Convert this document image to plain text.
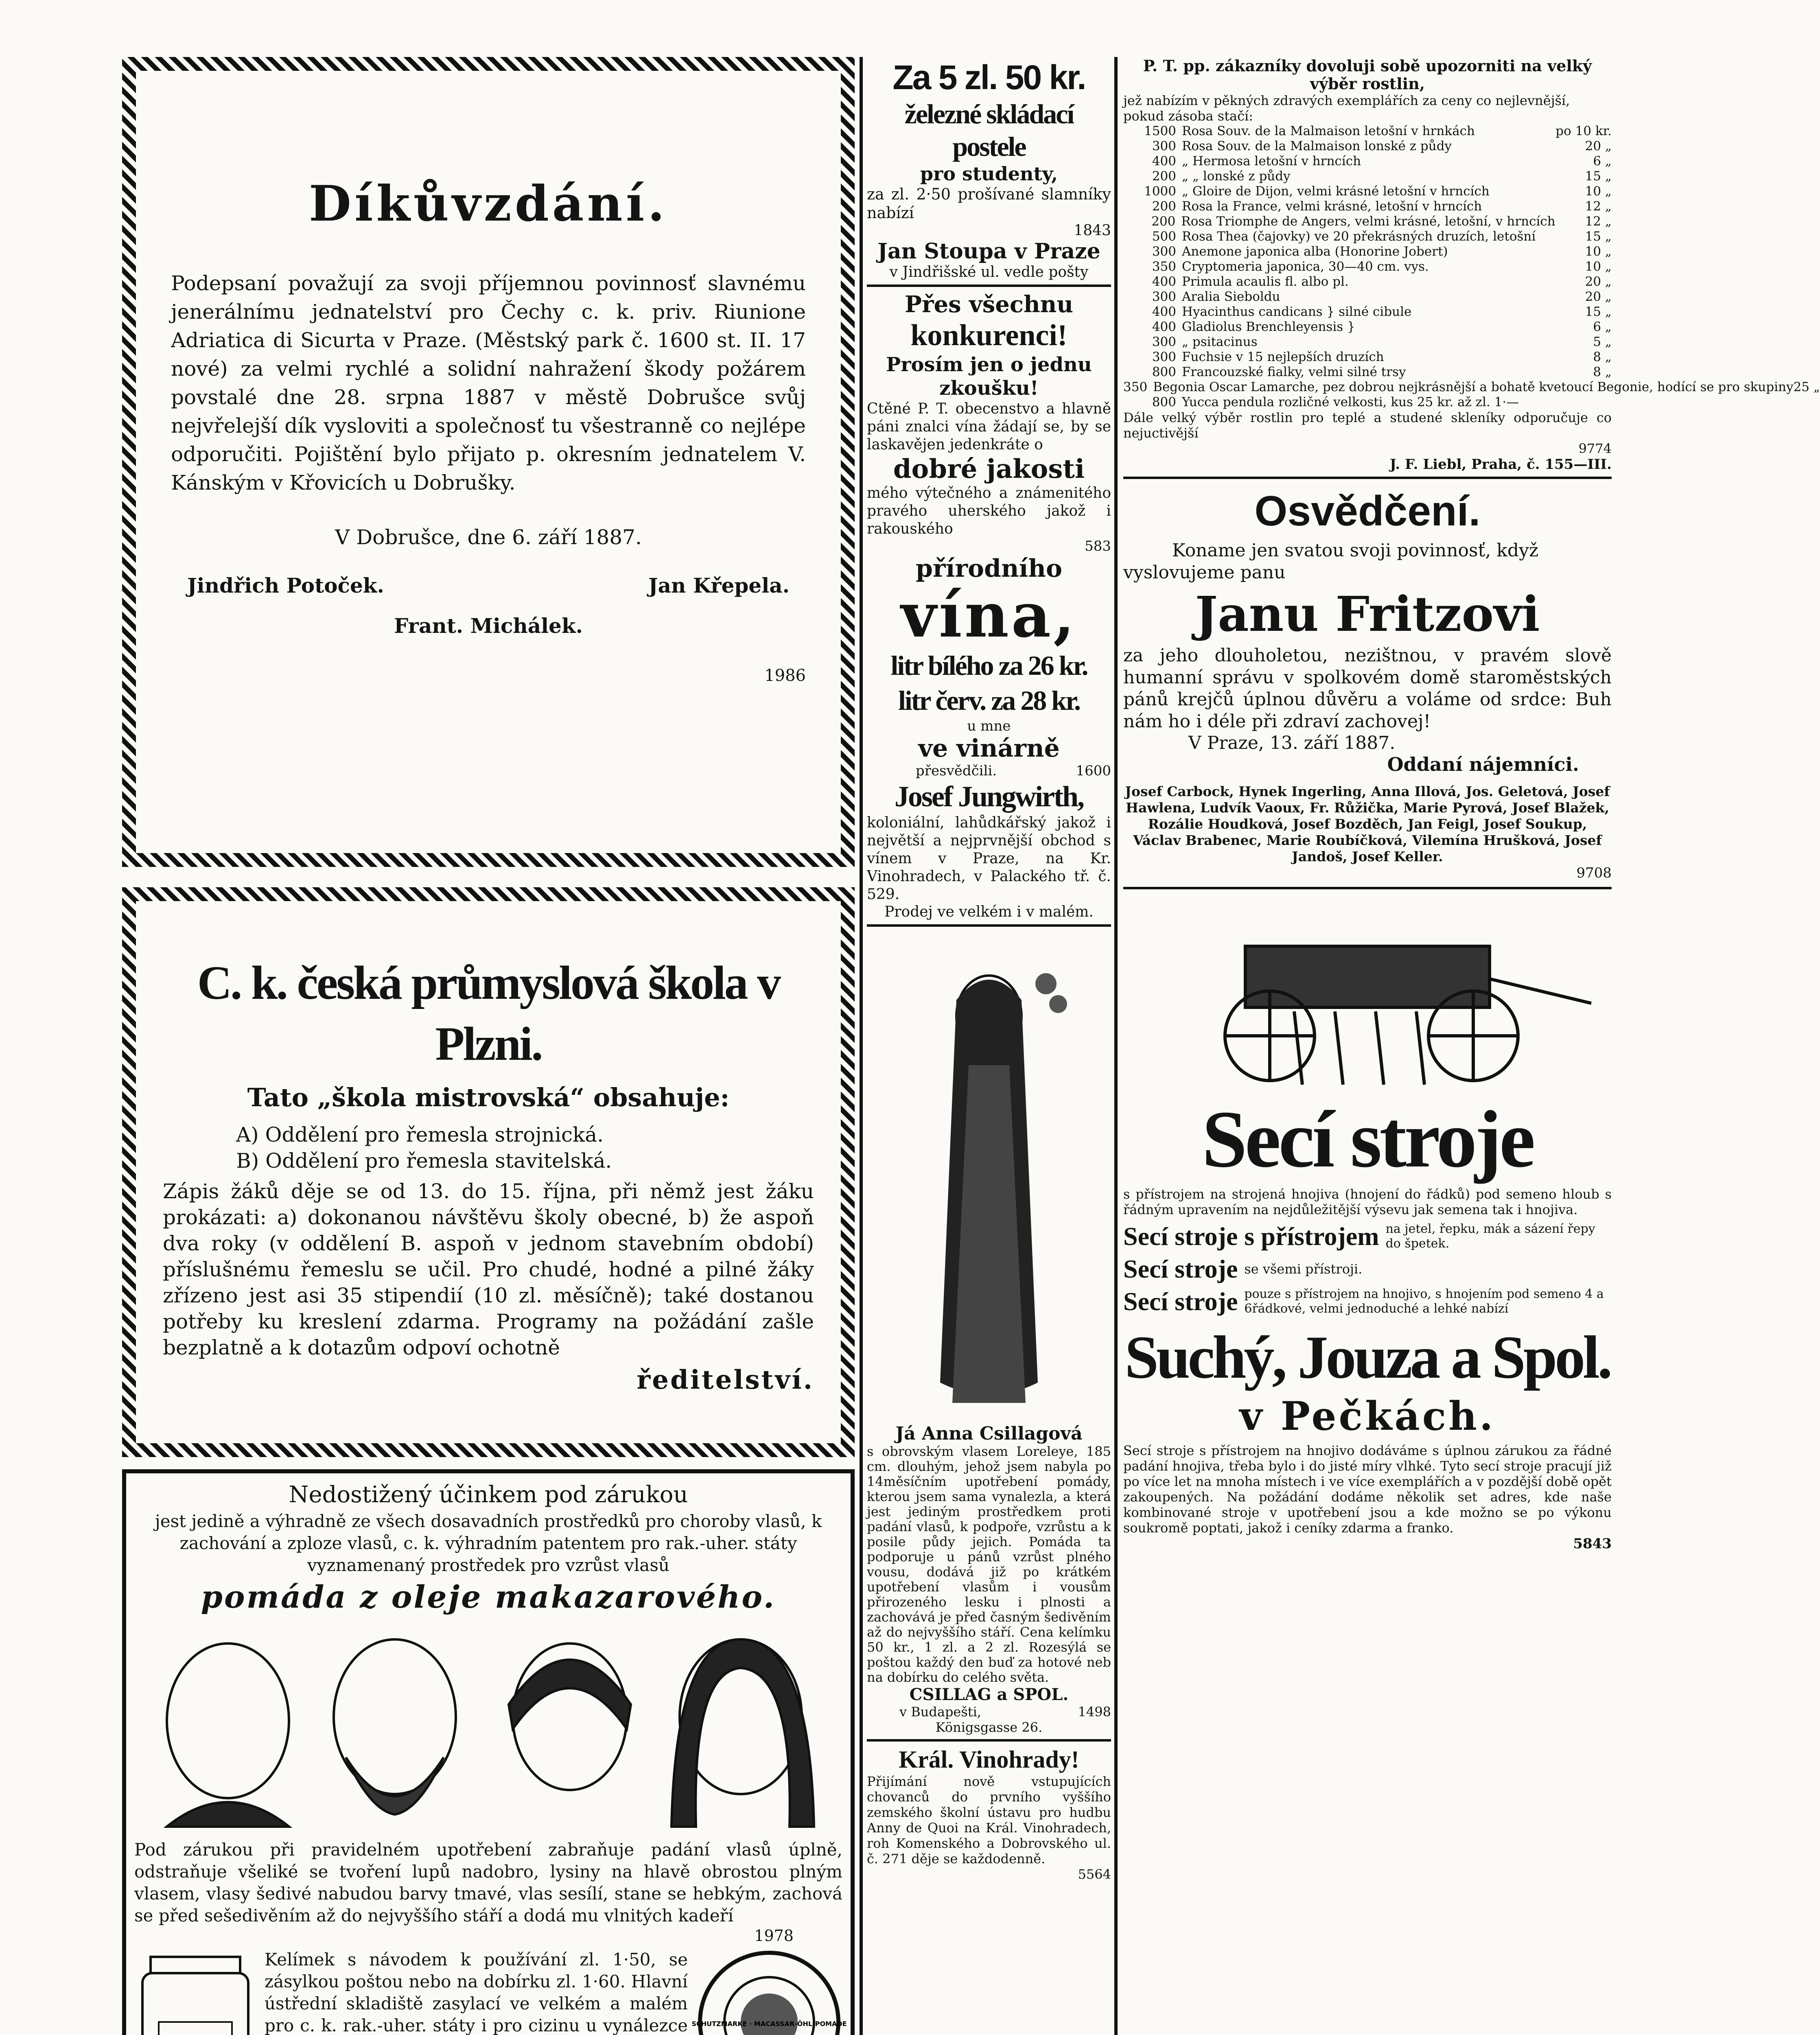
Díkůvzdání.

Podepsaní považují za svoji příjemnou povinnosť slavnému jenerálnímu jednatelství pro Čechy c. k. priv. Riunione Adriatica di Sicurta v Praze. (Městský park č. 1600 st. II. 17 nové) za velmi rychlé a solidní nahražení škody požárem povstalé dne 28. srpna 1887 v městě Dobrušce svůj nejvřelejší dík vysloviti a společnosť tu všestranně co nejlépe odporučiti. Pojištění bylo přijato p. okresním jednatelem V. Kánským v Křovicích u Dobrušky.

V Dobrušce, dne 6. září 1887.
Jindřich Potoček.	Jan Křepela.
Frant. Michálek.
1986
C. k. česká průmyslová škola v Plzni.
Tato „škola mistrovská“ obsahuje:
A) Oddělení pro řemesla strojnická.
B) Oddělení pro řemesla stavitelská.

Zápis žáků děje se od 13. do 15. října, při němž jest žáku prokázati: a) dokonanou návštěvu školy obecné, b) že aspoň dva roky (v oddělení B. aspoň v jednom stavebním období) příslušnému řemeslu se učil. Pro chudé, hodné a pilné žáky zřízeno jest asi 35 stipendií (10 zl. měsíčně); také dostanou potřeby ku kreslení zdarma. Programy na požádání zašle bezplatně a k dotazům odpoví ochotně

ředitelství.
Nedostižený účinkem pod zárukou

jest jedině a výhradně ze všech dosavadních prostředků pro choroby vlasů, k zachování a zploze vlasů, c. k. výhradním patentem pro rak.-uher. státy vyznamenaný prostředek pro vzrůst vlasů

pomáda z oleje makazarového.

Pod zárukou při pravidelném upotřebení zabraňuje padání vlasů úplně, odstraňuje všeliké se tvoření lupů nadobro, lysiny na hlavě obrostou plným vlasem, vlasy šedivé nabudou barvy tmavé, vlas sesílí, stane se hebkým, zachová se před sešedivěním až do nejvyššího stáří a dodá mu vlnitých kadeří

1978

Kelímek s návodem k používání zl. 1·50, se zásylkou poštou nebo na dobírku zl. 1·60. Hlavní ústřední skladiště zasylací ve velkém a malém pro c. k. rak.-uher. státy i pro cizinu u vynálezce SCHUTZMARKE · MACASSAR-ÖHL-POMADE
Za 5 zl. 50 kr.
železné skládací postele
pro studenty,

za zl. 2·50 prošívané slamníky nabízí

1843
Jan Stoupa v Praze
v Jindřišské ul. vedle pošty
Přes všechnu
konkurenci!
Prosím jen o jednu zkoušku!

Ctěné P. T. obecenstvo a hlavně páni znalci vína žádají se, by se laskavějen jedenkráte o

dobré jakosti

mého výtečného a známenitého pravého uherského jakož i rakouského

583
přírodního
vína,
litr bílého za 26 kr.
litr červ. za 28 kr.
u mne
ve vinárně
přesvědčili.	1600
Josef Jungwirth,

koloniální, lahůdkářský jakož i největší a nejprvnější obchod s vínem v Praze, na Kr. Vinohradech, v Palackého tř. č. 529.

Prodej ve velkém i v malém.
Já Anna Csillagová

s obrovským vlasem Loreleye, 185 cm. dlouhým, jehož jsem nabyla po 14měsíčním upotřebení pomády, kterou jsem sama vynalezla, a která jest jediným prostředkem proti padání vlasů, k podpoře, vzrůstu a k posile půdy jejich. Pomáda ta podporuje u pánů vzrůst plného vousu, dodává již po krátkém upotřebení vlasům i vousům přirozeného lesku i plnosti a zachovává je před časným šedivěním až do nejvyššího stáří. Cena kelímku 50 kr., 1 zl. a 2 zl. Rozesýlá se poštou každý den buď za hotové neb na dobírku do celého světa.

CSILLAG a SPOL.
v Budapešti,	1498
Königsgasse 26.
Král. Vinohrady!

Přijímání nově vstupujících chovanců do prvního vyššího zemského školní ústavu pro hudbu Anny de Quoi na Král. Vinohradech, roh Komenského a Dobrovského ul. č. 271 děje se každodenně.

5564

P. T. pp. zákazníky dovoluji sobě upozorniti na velký výběr rostlin,

jež nabízím v pěkných zdravých exemplářích za ceny co nejlevnější, pokud zásoba stačí:

1500 Rosa Souv. de la Malmaison letošní v hrnkách	po 10 kr.
300 Rosa Souv. de la Malmaison lonské z půdy	20 „
400 „ Hermosa letošní v hrncích	6 „
200 „ „ lonské z půdy	15 „
1000 „ Gloire de Dijon, velmi krásné letošní v hrncích	10 „
200 Rosa la France, velmi krásné, letošní v hrncích	12 „
200 Rosa Triomphe de Angers, velmi krásné, letošní, v hrncích	12 „
500 Rosa Thea (čajovky) ve 20 překrásných druzích, letošní	15 „
300 Anemone japonica alba (Honorine Jobert)	10 „
350 Cryptomeria japonica, 30—40 cm. vys.	10 „
400 Primula acaulis fl. albo pl.	20 „
300 Aralia Sieboldu	20 „
400 Hyacinthus candicans } silné cibule	15 „
400 Gladiolus Brenchleyensis }	6 „
300 „ psitacinus	5 „
300 Fuchsie v 15 nejlepších druzích	8 „
800 Francouzské fialky, velmi silné trsy	8 „
350 Begonia Oscar Lamarche, pez dobrou nejkrásnější a bohatě kvetoucí Begonie, hodící se pro skupiny 25 „
800 Yucca pendula rozličné velkosti, kus 25 kr. až zl. 1·—

Dále velký výběr rostlin pro teplé a studené skleníky odporučuje co nejuctivější

9774
J. F. Liebl, Praha, č. 155—III.
Osvědčení.

Koname jen svatou svoji povinnosť, když vyslovujeme panu

Janu Fritzovi

za jeho dlouholetou, nezištnou, v pravém slově humanní správu v spolkovém domě staroměstských pánů krejčů úplnou důvěru a voláme od srdce: Buh nám ho i déle při zdraví zachovej!

V Praze, 13. září 1887.
Oddaní nájemníci.

Josef Carbock, Hynek Ingerling, Anna Illová, Jos. Geletová, Josef Hawlena, Ludvík Vaoux, Fr. Růžička, Marie Pyrová, Josef Blažek, Rozálie Houdková, Josef Bozděch, Jan Feigl, Josef Soukup, Václav Brabenec, Marie Roubíčková, Vilemína Hrušková, Josef Jandoš, Josef Keller.

9708
Secí stroje

s přístrojem na strojená hnojiva (hnojení do řádků) pod semeno hloub s řádným upravením na nejdůležitější výsevu jak semena tak i hnojiva.

Secí stroje s přístrojem na jetel, řepku, mák a sázení řepy do špetek.
Secí stroje se všemi přístroji.
Secí stroje pouze s přístrojem na hnojivo, s hnojením pod semeno 4 a 6řádkové, velmi jednoduché a lehké nabízí
Suchý, Jouza a Spol.
v Pečkách.

Secí stroje s přístrojem na hnojivo dodáváme s úplnou zárukou za řádné padání hnojiva, třeba bylo i do jisté míry vlhké. Tyto secí stroje pracují již po více let na mnoha místech i ve více exemplářích a v pozdější době opět zakoupených. Na požádání dodáme několik set adres, kde naše kombinované stroje v upotřebení jsou a kde možno se po výkonu soukromě poptati, jakož i ceníky zdarma a franko.

5843
